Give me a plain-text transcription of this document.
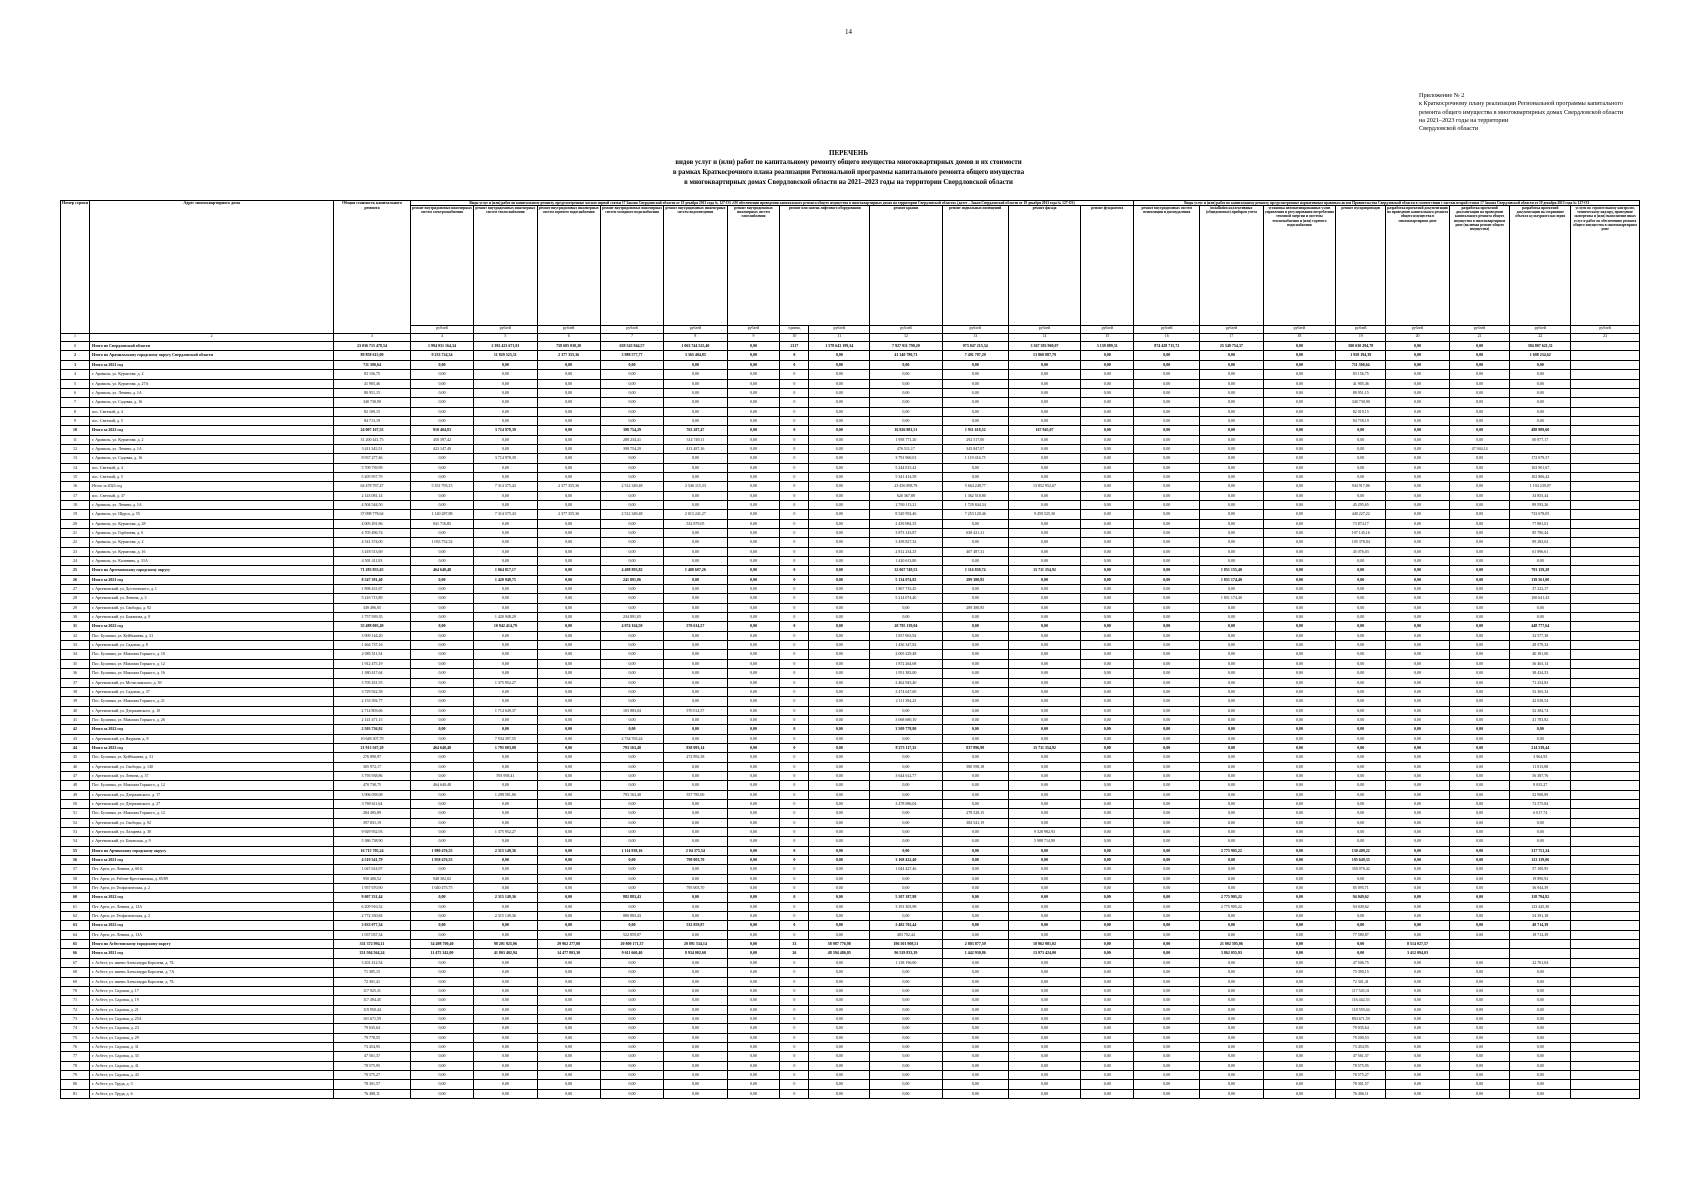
14
Приложение № 2
к Краткосрочному плану реализации Региональной программы капитального
ремонта общего имущества в многоквартирных домах Свердловской области
на 2021–2023 годы на территории
Свердловской области
ПЕРЕЧЕНЬ
видов услуг и (или) работ по капитальному ремонту общего имущества многоквартирных домов и их стоимости
в рамках Краткосрочного плана реализации Региональной программы капитального ремонта общего имущества
в многоквартирных домах Свердловской области на 2021–2023 годы на территории Свердловской области
Номер строки	Адрес многоквартирного дома	Общая стоимость капитального ремонта	Виды услуг и (или) работ по капитальному ремонту, предусмотренные частью первой статьи 17 Закона Свердловской области от 19 декабря 2013 года № 127-ОЗ «Об обеспечении проведения капитального ремонта общего имущества в многоквартирных домах на территории Свердловской области» (далее – Закон Свердловской области от 19 декабря 2013 года № 127-ОЗ)	Виды услуг и (или) работ по капитальному ремонту, предусмотренные нормативным правовым актом Правительства Свердловской области в соответствии с частью второй статьи 17 Закона Свердловской области от 19 декабря 2013 года № 127-ОЗ
			ремонт внутридомовых инженерных систем электроснабжения	ремонт внутридомовых инженерных систем теплоснабжения	ремонт внутридомовых инженерных систем горячего водоснабжения	ремонт внутридомовых инженерных систем холодного водоснабжения	ремонт внутридомовых инженерных систем водоотведения	ремонт внутридомовых инженерных систем газоснабжения	ремонт или замена лифтового оборудования		ремонт крыши	ремонт подвальных помещений	ремонт фасада	ремонт фундамента	ремонт внутридомовых систем вентиляции и дымоудаления	installation коллективных (общедомовых) приборов учета	установка автоматизированных узлов управления и регулирования потребления тепловой энергии и системы теплоснабжения и (или) горячего водоснабжения	ремонт мусоропроводов	разработка проектной документации на проведение капитального ремонта общего имущества в многоквартирном доме	разработка проектной документации на проведение капитального ремонта общего имущества в многоквартирном доме (включая ремонт общего имущества)	разработка проектной документации на сохранение объекта культурного наследия	услуги по строительному контролю, техническому надзору, проведение экспертизы и (или) выполнение иных услуг и работ по обеспечению ремонта общего имущества в многоквартирном доме
			рублей	рублей	рублей	рублей	рублей	рублей	единиц	рублей	рублей	рублей	рублей	рублей	рублей	рублей	рублей	рублей	рублей	рублей	рублей	рублей
1	2	3	4	5	6	7	8	9	10	11	12	13	14	15	16	17	18	19	20	21	22	23
1	Итого по Свердловской области	23 036 715 478,54	1 994 031 164,34	2 392 423 671,01	758 685 030,20	639 543 944,57	1 063 744 525,40	0,00	2117	1 578 643 199,34	7 927 911 790,20	973 047 215,34	3 367 383 960,07	3 139 089,31	874 428 715,72	25 549 754,37	0,00	500 630 294,78	0,00	0,00	394 807 621,31	
2	Итого по Арамильскому городскому округу Свердловской области	89 858 615,09	9 233 724,34	11 829 523,31	2 377 355,36	3 988 577,77	3 365 404,85	0,00	0	0,00	41 340 780,71	7 491 787,29	13 860 887,79	0,00	0,00	0,00	0,00	1 958 194,39	0,00	0,00	1 698 234,62	
3	Итого за 2021 год	711 390,64	0,00	0,00	0,00	0,00	0,00	0,00	0	0,00	0,00	0,00	0,00	0,00	0,00	0,00	0,00	711 390,64	0,00	0,00	0,00	
4	г. Арамиль, ул. Курчатова, д. 2	83 156,75	0,00	0,00	0,00	0,00	0,00	0,00	0	0,00	0,00	0,00	0,00	0,00	0,00	0,00	0,00	83 156,75	0,00	0,00	0,00	
5	г. Арамиль, ул. Курчатова, д. 27А	41 905,46	0,00	0,00	0,00	0,00	0,00	0,00	0	0,00	0,00	0,00	0,00	0,00	0,00	0,00	0,00	41 905,46	0,00	0,00	0,00	
6	г. Арамиль, ул. Ленина, д. 1А	80 951,15	0,00	0,00	0,00	0,00	0,00	0,00	0	0,00	0,00	0,00	0,00	0,00	0,00	0,00	0,00	80 951,15	0,00	0,00	0,00	
7	г. Арамиль, ул. Садовая, д. 16	340 730,90	0,00	0,00	0,00	0,00	0,00	0,00	0	0,00	0,00	0,00	0,00	0,00	0,00	0,00	0,00	340 730,90	0,00	0,00	0,00	
8	пос. Светлый, д. 4	82 109,15	0,00	0,00	0,00	0,00	0,00	0,00	0	0,00	0,00	0,00	0,00	0,00	0,00	0,00	0,00	82 019,15	0,00	0,00	0,00	
9	пос. Светлый, д. 5	84 713,19	0,00	0,00	0,00	0,00	0,00	0,00	0	0,00	0,00	0,00	0,00	0,00	0,00	0,00	0,00	84 758,19	0,00	0,00	0,00	
10	Итого за 2022 год	24 007 167,55	910 404,83	3 714 978,39	0,00	398 754,29	763 287,47	0,00	0	0,00	16 826 881,51	1 911 618,52	167 945,07	0,00	0,00	0,00	0,00	0,00	0,00	0,00	488 989,60	
11	г. Арамиль, ул. Курчатова, д. 2	31 200 441,75	450 397,42	0,00	0,00	288 234,41	314 749,11	0,00	0	0,00	1 958 771,20	292 517,00	0,00	0,00	0,00	0,00	0,00	0,00	0,00	0,00	00 877,17	
12	г. Арамиль, ул. Ленина, д. 1А	3 411 345,51	423 147,49	0,00	0,00	398 754,29	413 487,16	0,00	0	0,00	476 511,17	345 847,07	0,00	0,00	0,00	0,00	0,00	0,00	0,00	47 944,14		
13	г. Арамиль, ул. Садовая, д. 16	8 937 277,46	0,00	3 714 978,39	0,00	0,00	0,00	0,00	0	0,00	3 791 960,01	1 119 416,75	0,00	0,00	0,00	0,00	0,00	0,00	0,00	0,00	172 679,37	
14	пос. Светлый, д. 4	5 709 739,99	0,00	0,00	0,00	0,00	0,00	0,00	0	0,00	5 244 815,42	0,00	0,00	0,00	0,00	0,00	0,00	0,00	0,00	0,00	102 901,67	
15	пос. Светлый, д. 5	5 205 957,79	0,00	0,00	0,00	0,00	0,00	0,00	0	0,00	5 341 414,58	0,00	0,00	0,00	0,00	0,00	0,00	0,00	0,00	0,00	102 806,42	
16	Итого за 2023 год	64 478 767,47	5 351 793,15	7 314 575,43	2 377 355,36	2 512 349,48	2 546 115,33	0,00	0	0,00	23 456 898,78	5 664 248,77	13 852 952,67	0,00	0,00	0,00	0,00	944 917,86	0,00	0,00	1 194 239,07	
17	пос. Светлый, д. 37	2 143 081,14	0,00	0,00	0,00	0,00	0,00	0,00	0	0,00	620 367,88	1 362 518,80	0,00	0,00	0,00	0,00	0,00	0,00	0,00	0,00	34 855,44	
18	г. Арамиль, ул. Ленина, д. 1А	4 504 544,50	0,00	0,00	0,00	0,00	0,00	0,00	0	0,00	2 769 113,21	1 729 844,34	0,00	0,00	0,00	0,00	0,00	45 295,65	0,00	0,00	89 593,26	
19	г. Арамиль, ул. Щорса, д. 55	37 098 778,64	1 140 287,88	7 314 575,43	2 377 355,36	2 512 349,48	2 013 241,27	0,00	0	0,00	8 329 592,46	7 253 120,46	9 459 525,30	0,00	0,00	0,00	0,00	440 227,22	0,00	0,00	733 678,05	
20	г. Арамиль, ул. Курчатова, д. 28	4 005 491,86	941 716,85	0,00	0,00	0,00	532 879,05	0,00	0	0,00	2 439 084,35	0,00	0,00	0,00	0,00	0,00	0,00	73 874,17	0,00	0,00	77 881,01	
21	г. Арамиль, ул. Горбачева, д. 6	4 705 496,74	0,00	0,00	0,00	0,00	0,00	0,00	0	0,00	3 873 143,87	638 421,31	0,00	0,00	0,00	0,00	0,00	107 145,16	0,00	0,00	85 780,44	
22	г. Арамиль, ул. Курчатова, д. 2	4 541 374,00	1 035 752,52	0,00	0,00	0,00	0,00	0,00	0	0,00	3 458 827,32	0,00	0,00	0,00	0,00	0,00	0,00	105 378,04	0,00	0,00	89 283,62	
23	г. Арамиль, ул. Курчатова, д. 16	3 418 513,69	0,00	0,00	0,00	0,00	0,00	0,00	0	0,00	2 812 234,25	407 487,31	0,00	0,00	0,00	0,00	0,00	45 076,03	0,00	0,00	61 896,61	
24	г. Арамиль, ул. Калинина, д. 31А	4 501 411,83	0,00	0,00	0,00	0,00	0,00	0,00	0	0,00	1 420 613,80	0,00	0,00	0,00	0,00	0,00	0,00	0,00	0,00	0,00	0,00	
25	Итого по Артемовскому городскому округу	71 283 955,65	464 640,48	1 064 817,17	0,00	4 498 893,82	1 408 607,26	0,00	0	0,00	32 067 749,53	1 116 830,74	15 711 354,92	0,00	0,00	1 851 155,40	0,00	0,00	0,00	0,00	793 159,28	
26	Итого за 2021 год	8 547 391,40	0,00	1 420 948,75	0,00	241 891,06	0,00	0,00	0	0,00	5 134 074,82	289 380,85	0,00	0,00	0,00	1 851 174,40	0,00	0,00	0,00	0,00	139 561,00	
27	г. Артемовский, ул. Достоевского, д. 1	1 898 431,87	0,00	0,00	0,00	0,00	0,00	0,00	0	0,00	1 867 733,45	0,00	0,00	0,00	0,00	0,00	0,00	0,00	0,00	0,00	37 223,17	
28	г. Артемовский, ул. Ленина, д. 3	5 216 713,89	0,00	0,00	0,00	0,00	0,00	0,00	0	0,00	5 214 074,40	0,00	0,00	0,00	0,00	1 851 174,40	0,00	0,00	0,00	0,00	100 641,43	
29	г. Артемовский, ул. Свободы, д. 92	349 496,05	0,00	0,00	0,00	0,00	0,00	0,00	0	0,00	0,00	289 380,85	0,00	0,00	0,00	0,00	0,00	0,00	0,00	0,00	0,00	
30	г. Артемовский, ул. Бажанова, д. 8	1 757 939,35	0,00	1 420 948,29	0,00	234 891,05	0,00	0,00	0	0,00	0,00	0,00	0,00	0,00	0,00	0,00	0,00	0,00	0,00	0,00	0,00	
31	Итого за 2022 год	35 488 005,49	0,00	10 942 414,79	0,00	4 074 164,50	570 614,57	0,00	0	0,00	20 795 139,04	0,00	0,00	0,00	0,00	0,00	0,00	0,00	0,00	0,00	448 777,64	
32	Пос. Буланаш, ул. Куйбышева, д. 31	3 909 144,20	0,00	0,00	0,00	0,00	0,00	0,00	0	0,00	1 837 063,92	0,00	0,00	0,00	0,00	0,00	0,00	0,00	0,00	0,00	32 577,38	
33	г. Артемовский, ул. Садовая, д. 8	1 464 737,16	0,00	0,00	0,00	0,00	0,00	0,00	0	0,00	1 436 347,82	0,00	0,00	0,00	0,00	0,00	0,00	0,00	0,00	0,00	28 579,34	
34	Пос. Буланаш, ул. Максима Горького, д. 10	2 085 511,54	0,00	0,00	0,00	0,00	0,00	0,00	0	0,00	2 005 229,48	0,00	0,00	0,00	0,00	0,00	0,00	0,00	0,00	0,00	40 181,00	
35	Пос. Буланаш, ул. Максима Горького, д. 12	1 912 475,19	0,00	0,00	0,00	0,00	0,00	0,00	0	0,00	1 872 264,68	0,00	0,00	0,00	0,00	0,00	0,00	0,00	0,00	0,00	36 463,14	
36	Пос. Буланаш, ул. Максима Горького, д. 16	1 380 417,64	0,00	0,00	0,00	0,00	0,00	0,00	0	0,00	1 951 383,00	0,00	0,00	0,00	0,00	0,00	0,00	0,00	0,00	0,00	38 434,53	
37	г. Артемовский, ул. Мстиславского, д. 39	3 705 431,55	0,00	1 375 952,27	0,00	0,00	0,00	0,00	0	0,00	2 462 945,40	0,00	0,00	0,00	0,00	0,00	0,00	0,00	0,00	0,00	71 254,83	
38	г. Артемовский, ул. Садовая, д. 37	3 729 922,58	0,00	0,00	0,00	0,00	0,00	0,00	0	0,00	3 474 647,60	0,00	0,00	0,00	0,00	0,00	0,00	0,00	0,00	0,00	52 365,34	
39	Пос. Буланаш, ул. Максима Горького, д. 21	2 153 392,77	0,00	0,00	0,00	0,00	0,00	0,00	0	0,00	2 111 394,23	0,00	0,00	0,00	0,00	0,00	0,00	0,00	0,00	0,00	42 038,54	
40	г. Артемовский, ул. Дзержинского, д. 10	2 714 803,66	0,00	1 714 649,37	0,00	103 883,04	570 014,57	0,00	0	0,00	0,00	0,00	0,00	0,00	0,00	0,00	0,00	0,00	0,00	0,00	52 384,74	
41	Пос. Буланаш, ул. Максима Горького, д. 26	2 141 471,15	0,00	0,00	0,00	0,00	0,00	0,00	0	0,00	3 068 680,10	0,00	0,00	0,00	0,00	0,00	0,00	0,00	0,00	0,00	41 783,82	
42	Итого за 2022 год	2 503 736,92	0,00	0,00	0,00	0,00	0,00	0,00	0	0,00	3 509 778,80	0,00	0,00	0,00	0,00	0,00	0,00	0,00	0,00	0,00	0,00	
43	г. Артемовский, ул. Якурина, д. 8	10 648 307,79	0,00	7 934 397,55	0,00	2 734 765,24	0,00	0,00	0	0,00	0,00	0,00	0,00	0,00	0,00	0,00	0,00	0,00	0,00	0,00	0,00	
44	Итого за 2023 год	21 913 567,29	464 640,48	1 795 003,08	0,00	793 163,48	838 093,14	0,00	0	0,00	8 273 117,35	837 896,98	15 711 354,92	0,00	0,00	0,00	0,00	0,00	0,00	0,00	214 539,44	
45	Пос. Буланаш, ул. Куйбышева, д. 31	276 890,97	0,00	0,00	0,00	0,00	272 892,38	0,00	0	0,00	0,00	0,00	0,00	0,00	0,00	0,00	0,00	0,00	0,00	0,00	3 964,93	
46	г. Артемовский, ул. Свободы, д. 140	305 972,17	0,00	0,00	0,00	0,00	0,00	0,00	0	0,00	0,00	580 598,18	0,00	0,00	0,00	0,00	0,00	0,00	0,00	0,00	11 013,88	
47	г. Артемовский, ул. Ленина, д. 37	3 793 938,86	0,00	593 958,41	0,00	0,00	0,00	0,00	0	0,00	3 644 612,77	0,00	0,00	0,00	0,00	0,00	0,00	0,00	0,00	0,00	56 387,76	
48	Пос. Буланаш, ул. Максима Горького, д. 12	470 730,75	464 640,48	0,00	0,00	0,00	0,00	0,00	0	0,00	0,00	0,00	0,00	0,00	0,00	0,00	0,00	0,00	0,00	0,00	8 035,27	
49	г. Артемовский, ул. Дзержинского, д. 17	3 906 058,08	0,00	1 298 581,06	0,00	793 163,48	557 785,00	0,00	0	0,00	0,00	0,00	0,00	0,00	0,00	0,00	0,00	0,00	0,00	0,00	52 908,89	
50	г. Артемовский, ул. Дзержинского, д. 27	3 769 611,64	0,00	0,00	0,00	0,00	0,00	0,00	0	0,00	3 478 086,04	0,00	0,00	0,00	0,00	0,00	0,00	0,00	0,00	0,00	72 575,84	
51	Пос. Буланаш, ул. Максима Горького, д. 12	284 495,89	0,00	0,00	0,00	0,00	0,00	0,00	0	0,00	0,00	278 528,15	0,00	0,00	0,00	0,00	0,00	0,00	0,00	0,00	6 017,74	
52	г. Артемовский, ул. Свободы, д. 92	397 831,19	0,00	0,00	0,00	0,00	0,00	0,00	0	0,00	0,00	384 541,19	0,00	0,00	0,00	0,00	0,00	0,00	0,00	0,00	0,00	
53	г. Артемовский, ул. Лазарева, д. 30	9 929 952,93	0,00	1 375 952,27	0,00	0,00	0,00	0,00	0	0,00	0,00	0,00	9 328 982,93	0,00	0,00	0,00	0,00	0,00	0,00	0,00	0,00	
54	г. Артемовский, ул. Базовская, д. 9	5 386 738,90	0,00	0,00	0,00	0,00	0,00	0,00	0	0,00	0,00	0,00	5 988 714,90	0,00	0,00	0,00	0,00	0,00	0,00	0,00	0,00	
55	Итого по Артинскому городскому округу	16 715 705,24	1 980 476,55	2 315 149,36	0,00	1 114 938,16	2 04 375,54	0,00	0	0,00	0,00	0,00	0,00	0,00	0,00	2 775 905,22	0,00	130 409,22	0,00	0,00	317 751,24	
56	Итого за 2021 год	4 519 341,79	1 958 476,55	0,00	0,00	0,00	798 003,70	0,00	0	0,00	3 168 432,40	0,00	0,00	0,00	0,00	0,00	0,00	195 649,35	0,00	0,00	123 139,06	
57	Пгт. Арти, ул. Ленина, д. 60 Б	1 047 614,97	0,00	0,00	0,00	0,00	0,00	0,00	0	0,00	1 044 427,46	0,00	0,00	0,00	0,00	0,00	0,00	350 078,42	0,00	0,00	57 100,95	
58	Пгт. Арти, ул. Рабоче-Крестьянская, д. 85/89	950 400,52	948 302,02	0,00	0,00	0,00	0,00	0,00	0	0,00	0,00	0,00	0,00	0,00	0,00	0,00	0,00	0,00	0,00	0,00	19 890,92	
59	Пгт. Арти, ул. Геофизическая, д. 2	1 957 670,90	1 040 475,75	0,00	0,00	0,00	795 003,70	0,00	0	0,00	0,00	0,00	0,00	0,00	0,00	0,00	0,00	85 095,71	0,00	0,00	36 944,39	
60	Итого за 2022 год	9 007 331,44	0,00	2 315 149,36	0,00	882 883,43	0,00	0,00	0	0,00	5 207 187,98	0,00	0,00	0,00	0,00	2 775 905,22	0,00	94 049,62	0,00	0,00	118 794,82	
61	Пгт. Арти, ул. Ленина, д. 13А	6 209 916,52	0,00	0,00	0,00	0,00	0,00	0,00	0	0,00	3 191 303,98	0,00	0,00	0,00	0,00	2 775 905,22	0,00	94 049,62	0,00	0,00	123 445,30	
62	Пгт. Арти, ул. Геофизическая, д. 2	2 772 330,84	0,00	2 315 149,36	0,00	880 883,43	0,00	0,00	0	0,00	0,00	0,00	0,00	0,00	0,00	0,00	0,00	0,00	0,00	0,00	54 391,18	
63	Итого за 2023 год	3 033 077,34	0,00	0,00	0,00	0,00	532 859,87	0,00	0	0,00	2 482 702,44	0,00	0,00	0,00	0,00	0,00	0,00	0,00	0,00	0,00	48 714,39	
64	Пгт. Арти, ул. Ленина, д. 13А	1 037 037,34	0,00	0,00	0,00	522 859,87	0,00	0,00	0	0,00	483 702,44	0,00	0,00	0,00	0,00	0,00	0,00	77 580,87	0,00	0,00	18 714,39	
65	Итого по Асбестовскому городскому округу	331 372 994,11	34 498 700,40	98 201 925,06	29 962 277,08	20 800 171,37	20 891 534,14	0,00	33	58 987 776,98	196 501 908,51	2 803 877,59	18 962 981,02	0,00	0,00	21 002 595,06	0,00	0,00	8 514 027,57			
66	Итого за 2021 год	231 504 564,24	11 475 342,00	41 803 402,94	14 477 803,30	9 611 660,40	8 934 002,60	0,00	26	48 394 486,05	96 529 833,39	1 442 930,86	13 973 424,00	0,00	0,00	3 862 055,93	0,00	0,00	3 412 094,03			
67	г. Асбест, ул. имени Александра Королева, д. 7Б	3 201 412,54	0,00	0,00	0,00	0,00	0,00	0,00	0	0,00	1 138 196,00	0,00	0,00	0,00	0,00	0,00	0,00	47 506,75	0,00	0,00	22 761,04	
68	г. Асбест, ул. имени Александра Королева, д. 7А	71 385,15	0,00	0,00	0,00	0,00	0,00	0,00	0	0,00	0,00	0,00	0,00	0,00	0,00	0,00	0,00	75 390,15	0,00	0,00	0,00	
69	г. Асбест, ул. имени Александра Королева, д. 7Б	72 301,41	0,00	0,00	0,00	0,00	0,00	0,00	0	0,00	0,00	0,00	0,00	0,00	0,00	0,00	0,00	72 301,41	0,00	0,00	0,00	
70	г. Асбест, ул. Садовая, д. 17	117 925,31	0,00	0,00	0,00	0,00	0,00	0,00	0	0,00	0,00	0,00	0,00	0,00	0,00	0,00	0,00	117 545,31	0,00	0,00	0,00	
71	г. Асбест, ул. Садовая, д. 19	117 494,45	0,00	0,00	0,00	0,00	0,00	0,00	0	0,00	0,00	0,00	0,00	0,00	0,00	0,00	0,00	116 442,53	0,00	0,00	0,00	
72	г. Асбест, ул. Садовая, д. 21	119 950,44	0,00	0,00	0,00	0,00	0,00	0,00	0	0,00	0,00	0,00	0,00	0,00	0,00	0,00	0,00	118 559,44	0,00	0,00	0,00	
73	г. Асбест, ул. Садовая, д. 25А	101 671,59	0,00	0,00	0,00	0,00	0,00	0,00	0	0,00	0,00	0,00	0,00	0,00	0,00	0,00	0,00	894 671,59	0,00	0,00	0,00	
74	г. Асбест, ул. Садовая, д. 23	79 635,64	0,00	0,00	0,00	0,00	0,00	0,00	0	0,00	0,00	0,00	0,00	0,00	0,00	0,00	0,00	79 035,64	0,00	0,00	0,00	
75	г. Асбест, ул. Садовая, д. 29	79 778,55	0,00	0,00	0,00	0,00	0,00	0,00	0	0,00	0,00	0,00	0,00	0,00	0,00	0,00	0,00	79 200,53	0,00	0,00	0,00	
76	г. Асбест, ул. Садовая, д. 31	73 454,95	0,00	0,00	0,00	0,00	0,00	0,00	0	0,00	0,00	0,00	0,00	0,00	0,00	0,00	0,00	73 454,95	0,00	0,00	0,00	
77	г. Асбест, ул. Садовая, д. 33	47 561,37	0,00	0,00	0,00	0,00	0,00	0,00	0	0,00	0,00	0,00	0,00	0,00	0,00	0,00	0,00	47 561,37	0,00	0,00	0,00	
78	г. Асбест, ул. Садовая, д. 41	78 575,95	0,00	0,00	0,00	0,00	0,00	0,00	0	0,00	0,00	0,00	0,00	0,00	0,00	0,00	0,00	78 575,95	0,00	0,00	0,00	
79	г. Асбест, ул. Садовая, д. 43	70 575,27	0,00	0,00	0,00	0,00	0,00	0,00	0	0,00	0,00	0,00	0,00	0,00	0,00	0,00	0,00	70 575,27	0,00	0,00	0,00	
80	г. Асбест, ул. Труда, д. 3	78 301,57	0,00	0,00	0,00	0,00	0,00	0,00	0	0,00	0,00	0,00	0,00	0,00	0,00	0,00	0,00	78 301,57	0,00	0,00	0,00	
81	г. Асбест, ул. Труда, д. 6	76 488,11	0,00	0,00	0,00	0,00	0,00	0,00	0	0,00	0,00	0,00	0,00	0,00	0,00	0,00	0,00	76 406,11	0,00	0,00	0,00	
